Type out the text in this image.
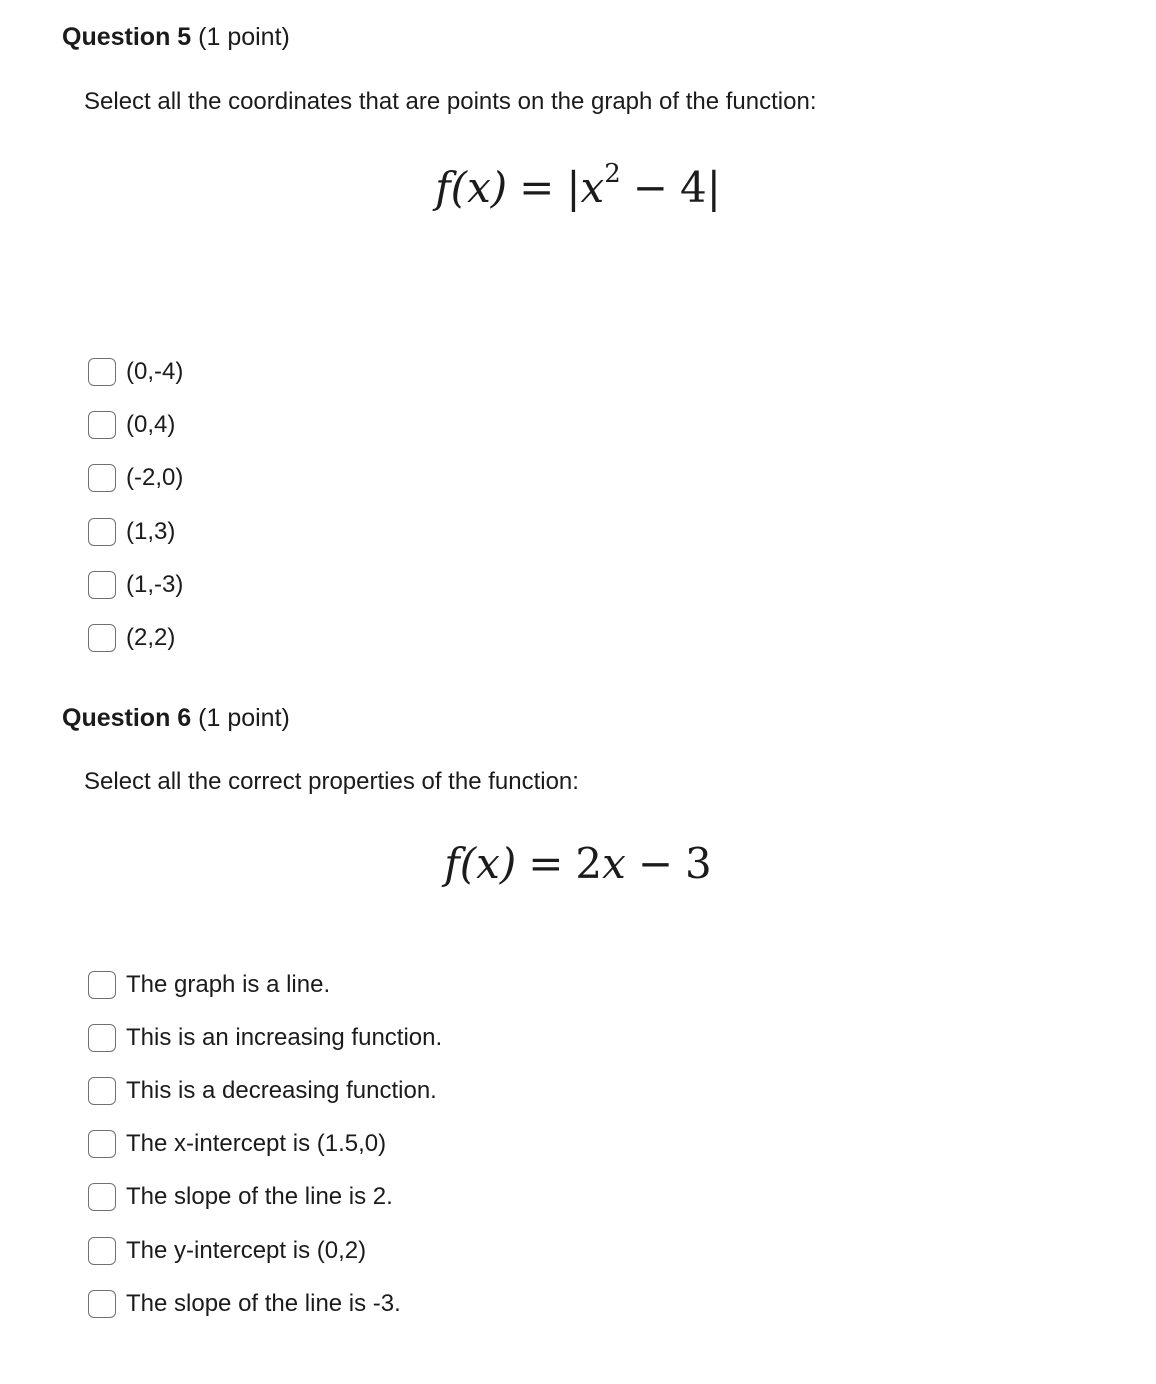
Question 5 (1 point)
Select all the coordinates that are points on the graph of the function:
$f(x) = |x^2 - 4|$
(0,-4)
(0,4)
(-2,0)
(1,3)
(1,-3)
(2,2)
Question 6 (1 point)
Select all the correct properties of the function:
f(x) = 2x − 3
The graph is a line.
This is an increasing function.
This is a decreasing function.
The x-intercept is (1.5,0)
The slope of the line is 2.
The y-intercept is (0,2)
The slope of the line is -3.
